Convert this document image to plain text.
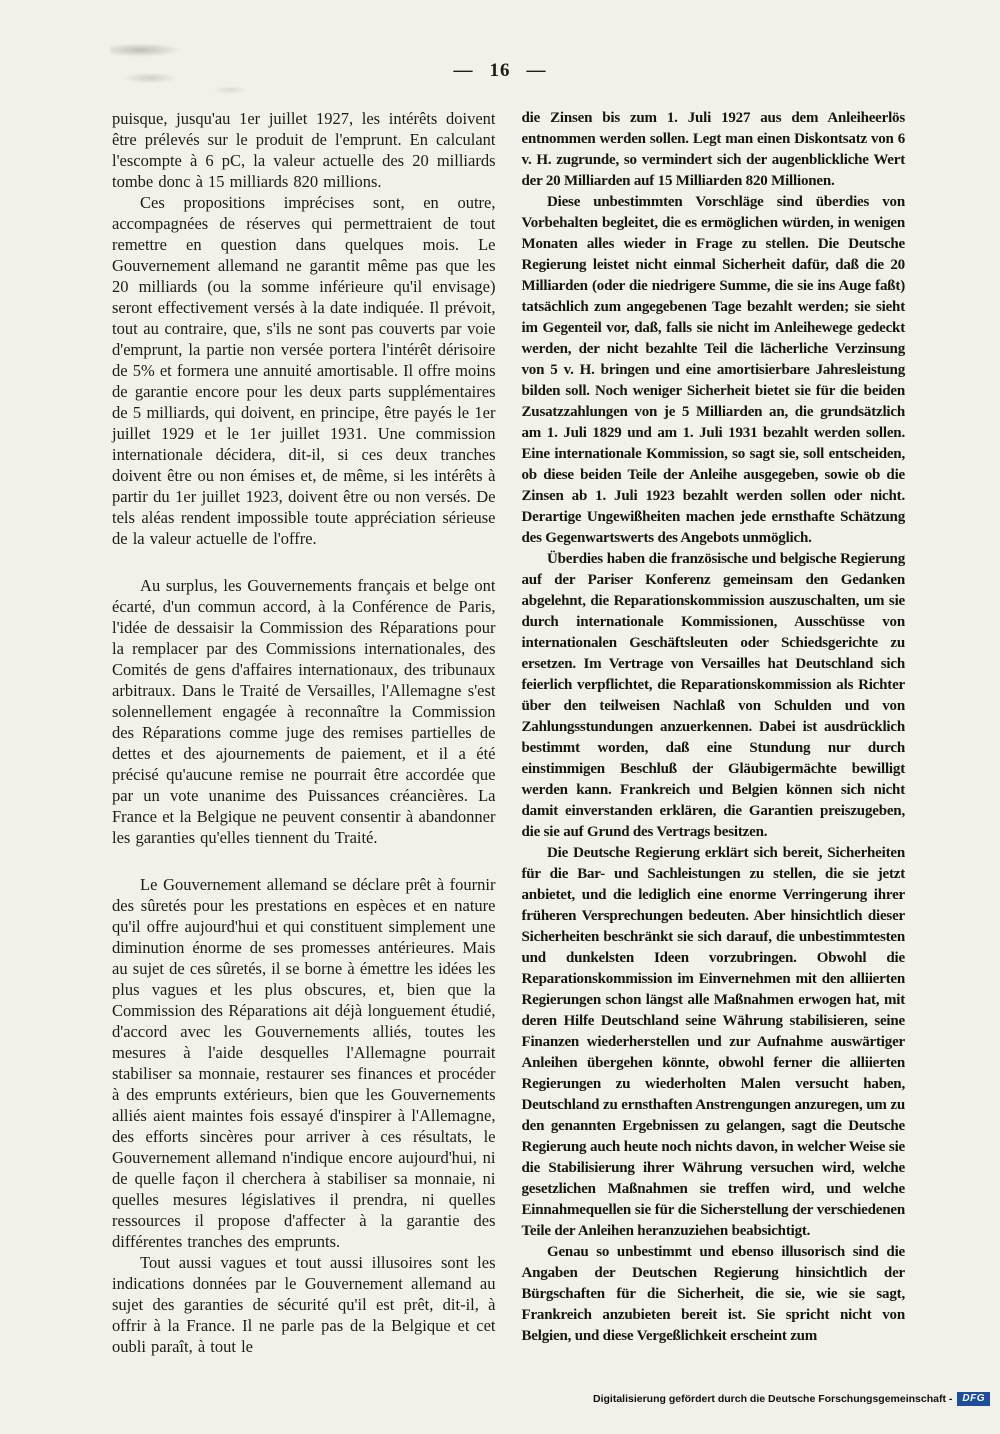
— 16 —

puisque, jusqu'au 1er juillet 1927, les intérêts doivent être prélevés sur le produit de l'emprunt. En calculant l'escompte à 6 pC, la valeur actuelle des 20 milliards tombe donc à 15 milliards 820 millions.

Ces propositions imprécises sont, en outre, accompagnées de réserves qui permettraient de tout remettre en question dans quelques mois. Le Gouvernement allemand ne garantit même pas que les 20 milliards (ou la somme inférieure qu'il envisage) seront effectivement versés à la date indiquée. Il prévoit, tout au contraire, que, s'ils ne sont pas couverts par voie d'emprunt, la partie non versée portera l'intérêt dérisoire de 5% et formera une annuité amortisable. Il offre moins de garantie encore pour les deux parts supplémentaires de 5 milliards, qui doivent, en principe, être payés le 1er juillet 1929 et le 1er juillet 1931. Une commission internationale décidera, dit-il, si ces deux tranches doivent être ou non émises et, de même, si les intérêts à partir du 1er juillet 1923, doivent être ou non versés. De tels aléas rendent impossible toute appréciation sérieuse de la valeur actuelle de l'offre.

Au surplus, les Gouvernements français et belge ont écarté, d'un commun accord, à la Conférence de Paris, l'idée de dessaisir la Commission des Réparations pour la remplacer par des Commissions internationales, des Comités de gens d'affaires internationaux, des tribunaux arbitraux. Dans le Traité de Versailles, l'Allemagne s'est solennellement engagée à reconnaître la Commission des Réparations comme juge des remises partielles de dettes et des ajournements de paiement, et il a été précisé qu'aucune remise ne pourrait être accordée que par un vote unanime des Puissances créancières. La France et la Belgique ne peuvent consentir à abandonner les garanties qu'elles tiennent du Traité.

Le Gouvernement allemand se déclare prêt à fournir des sûretés pour les prestations en espèces et en nature qu'il offre aujourd'hui et qui constituent simplement une diminution énorme de ses promesses antérieures. Mais au sujet de ces sûretés, il se borne à émettre les idées les plus vagues et les plus obscures, et, bien que la Commission des Réparations ait déjà longuement étudié, d'accord avec les Gouvernements alliés, toutes les mesures à l'aide desquelles l'Allemagne pourrait stabiliser sa monnaie, restaurer ses finances et procéder à des emprunts extérieurs, bien que les Gouvernements alliés aient maintes fois essayé d'inspirer à l'Allemagne, des efforts sincères pour arriver à ces résultats, le Gouvernement allemand n'indique encore aujourd'hui, ni de quelle façon il cherchera à stabiliser sa monnaie, ni quelles mesures législatives il prendra, ni quelles ressources il propose d'affecter à la garantie des différentes tranches des emprunts.

Tout aussi vagues et tout aussi illusoires sont les indications données par le Gouvernement allemand au sujet des garanties de sécurité qu'il est prêt, dit-il, à offrir à la France. Il ne parle pas de la Belgique et cet oubli paraît, à tout le

die Zinsen bis zum 1. Juli 1927 aus dem Anleiheerlös entnommen werden sollen. Legt man einen Diskontsatz von 6 v. H. zugrunde, so vermindert sich der augenblickliche Wert der 20 Milliarden auf 15 Milliarden 820 Millionen.

Diese unbestimmten Vorschläge sind überdies von Vorbehalten begleitet, die es ermöglichen würden, in wenigen Monaten alles wieder in Frage zu stellen. Die Deutsche Regierung leistet nicht einmal Sicherheit dafür, daß die 20 Milliarden (oder die niedrigere Summe, die sie ins Auge faßt) tatsächlich zum angegebenen Tage bezahlt werden; sie sieht im Gegenteil vor, daß, falls sie nicht im Anleihewege gedeckt werden, der nicht bezahlte Teil die lächerliche Verzinsung von 5 v. H. bringen und eine amortisierbare Jahresleistung bilden soll. Noch weniger Sicherheit bietet sie für die beiden Zusatzzahlungen von je 5 Milliarden an, die grundsätzlich am 1. Juli 1829 und am 1. Juli 1931 bezahlt werden sollen. Eine internationale Kommission, so sagt sie, soll entscheiden, ob diese beiden Teile der Anleihe ausgegeben, sowie ob die Zinsen ab 1. Juli 1923 bezahlt werden sollen oder nicht. Derartige Ungewißheiten machen jede ernsthafte Schätzung des Gegenwartswerts des Angebots unmöglich.

Überdies haben die französische und belgische Regierung auf der Pariser Konferenz gemeinsam den Gedanken abgelehnt, die Reparationskommission auszuschalten, um sie durch internationale Kommissionen, Ausschüsse von internationalen Geschäftsleuten oder Schiedsgerichte zu ersetzen. Im Vertrage von Versailles hat Deutschland sich feierlich verpflichtet, die Reparationskommission als Richter über den teilweisen Nachlaß von Schulden und von Zahlungsstundungen anzuerkennen. Dabei ist ausdrücklich bestimmt worden, daß eine Stundung nur durch einstimmigen Beschluß der Gläubigermächte bewilligt werden kann. Frankreich und Belgien können sich nicht damit einverstanden erklären, die Garantien preiszugeben, die sie auf Grund des Vertrags besitzen.

Die Deutsche Regierung erklärt sich bereit, Sicherheiten für die Bar- und Sachleistungen zu stellen, die sie jetzt anbietet, und die lediglich eine enorme Verringerung ihrer früheren Versprechungen bedeuten. Aber hinsichtlich dieser Sicherheiten beschränkt sie sich darauf, die unbestimmtesten und dunkelsten Ideen vorzubringen. Obwohl die Reparationskommission im Einvernehmen mit den alliierten Regierungen schon längst alle Maßnahmen erwogen hat, mit deren Hilfe Deutschland seine Währung stabilisieren, seine Finanzen wiederherstellen und zur Aufnahme auswärtiger Anleihen übergehen könnte, obwohl ferner die alliierten Regierungen zu wiederholten Malen versucht haben, Deutschland zu ernsthaften Anstrengungen anzuregen, um zu den genannten Ergebnissen zu gelangen, sagt die Deutsche Regierung auch heute noch nichts davon, in welcher Weise sie die Stabilisierung ihrer Währung versuchen wird, welche gesetzlichen Maßnahmen sie treffen wird, und welche Einnahmequellen sie für die Sicherstellung der verschiedenen Teile der Anleihen heranzuziehen beabsichtigt.

Genau so unbestimmt und ebenso illusorisch sind die Angaben der Deutschen Regierung hinsichtlich der Bürgschaften für die Sicherheit, die sie, wie sie sagt, Frankreich anzubieten bereit ist. Sie spricht nicht von Belgien, und diese Vergeßlichkeit erscheint zum

Digitalisierung gefördert durch die Deutsche Forschungsgemeinschaft -	DFG
